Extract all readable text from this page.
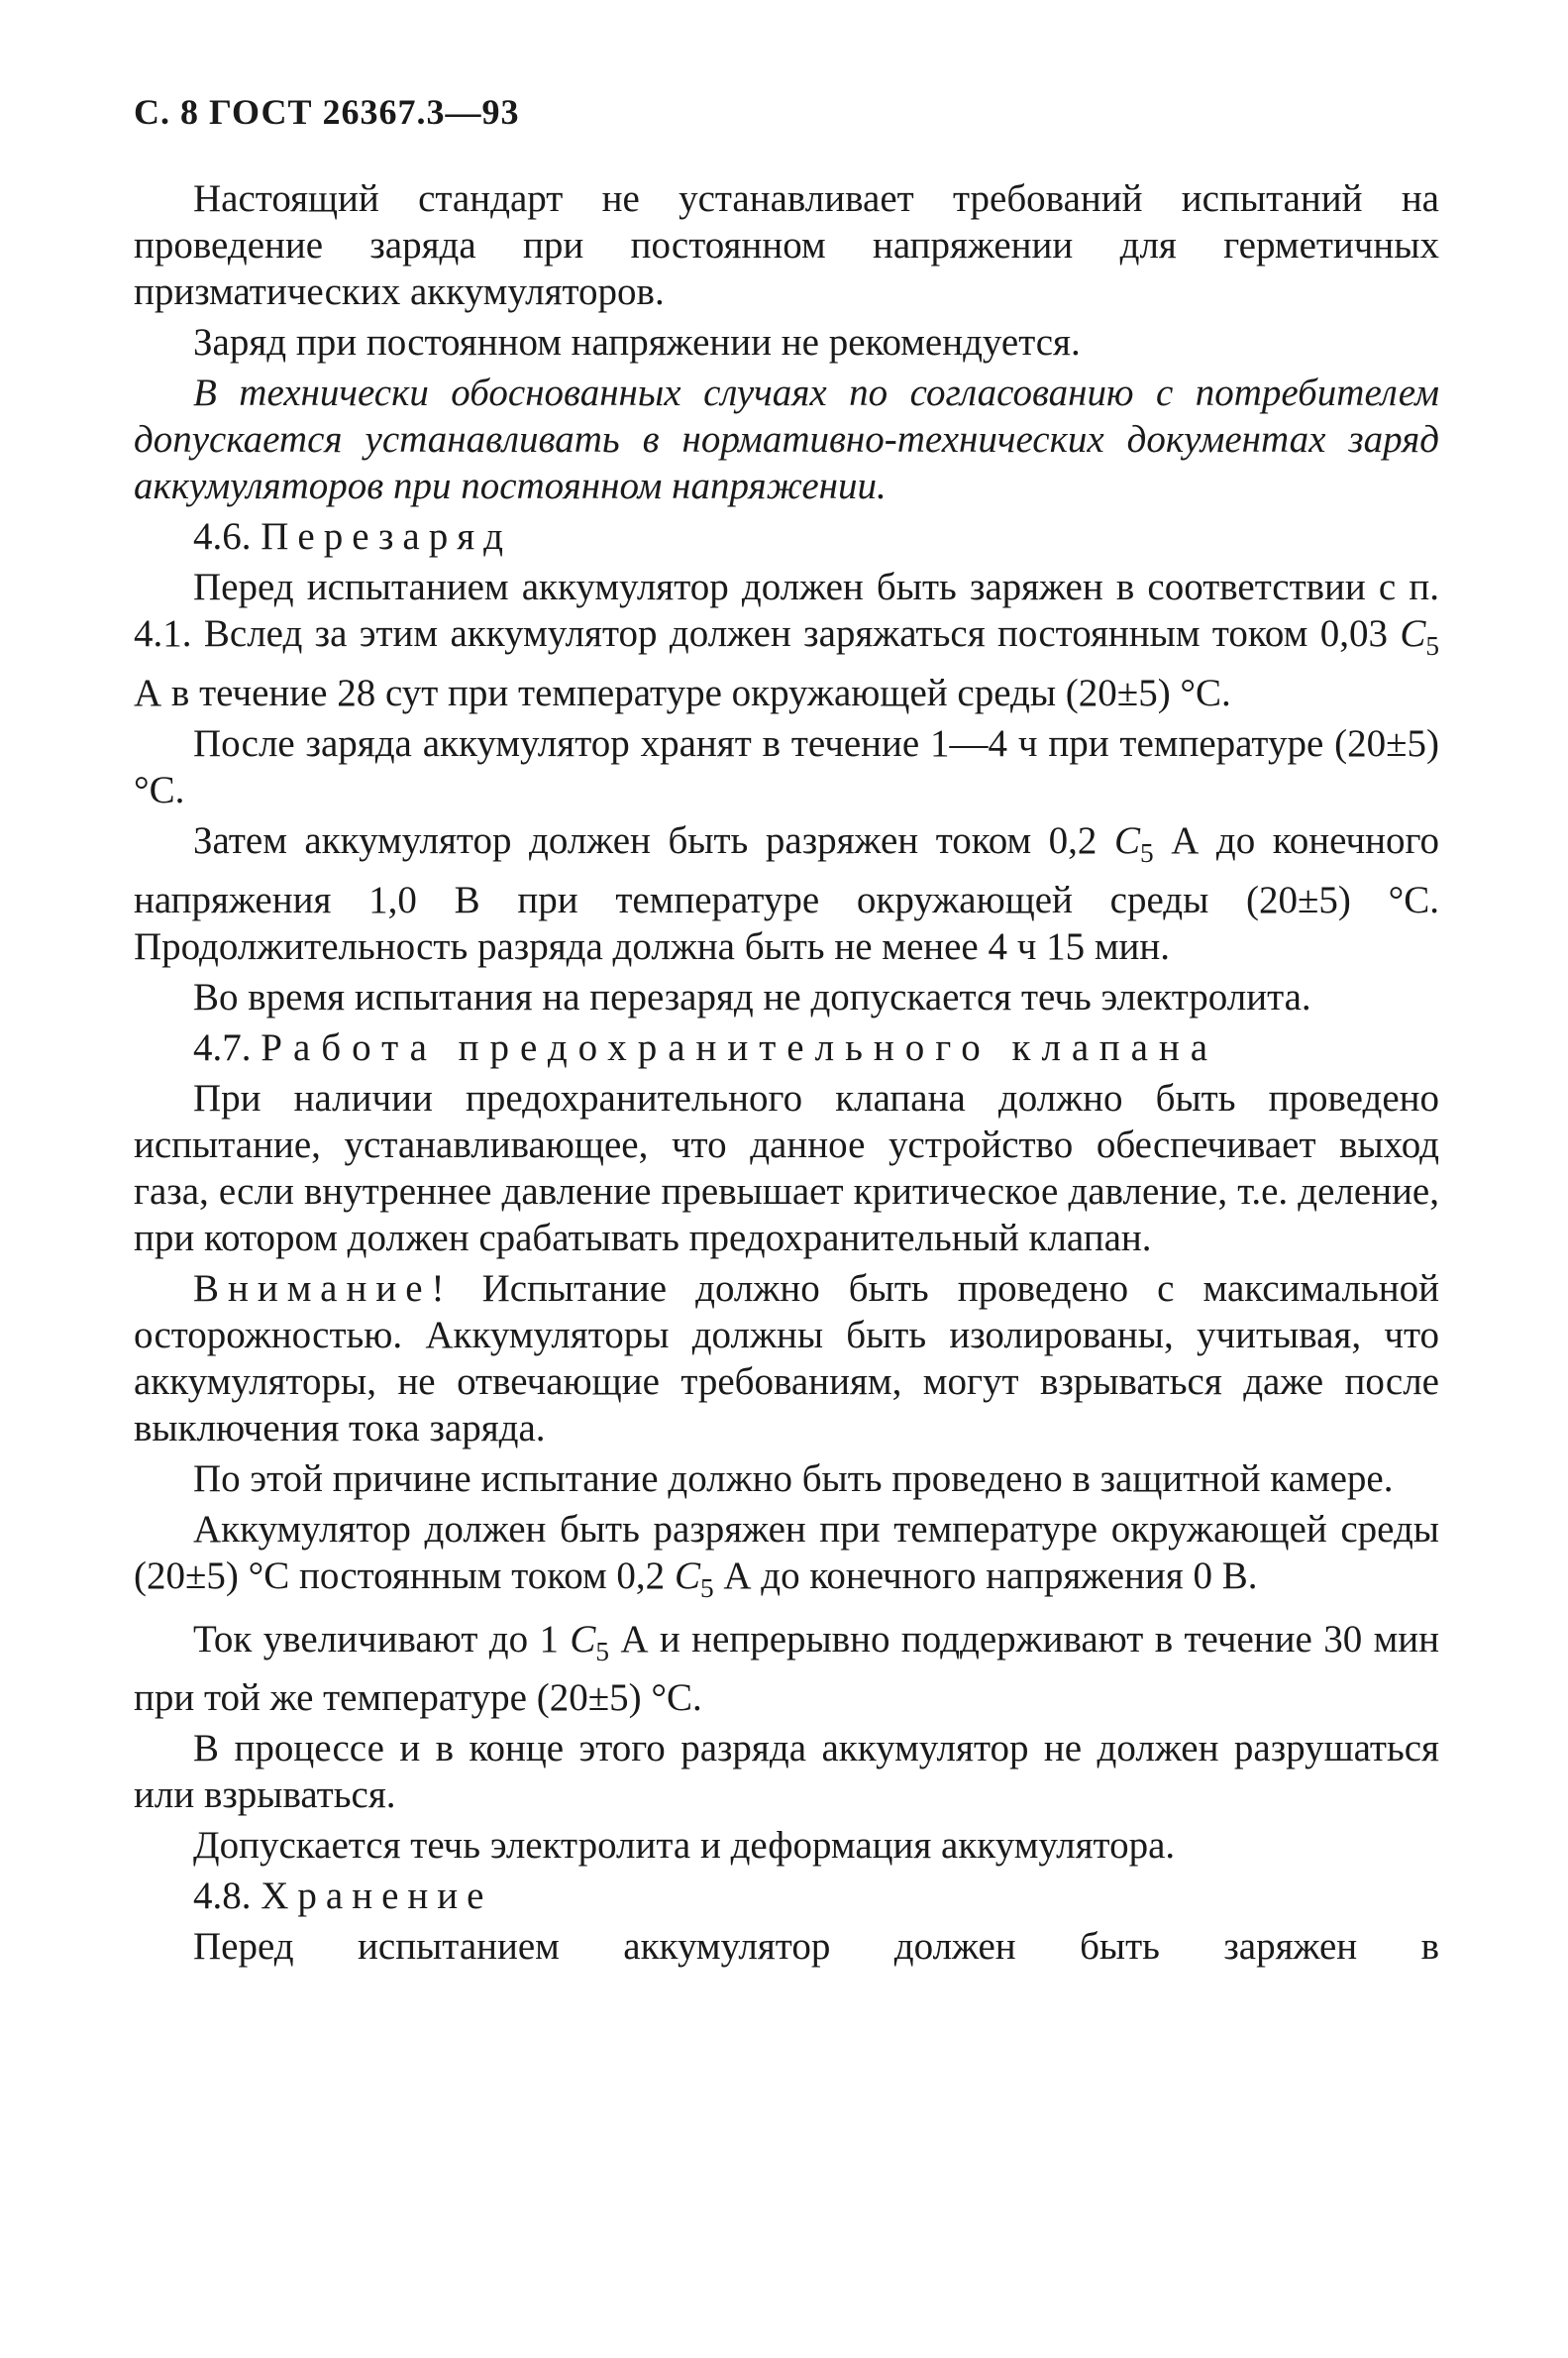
С. 8 ГОСТ 26367.3—93

Настоящий стандарт не устанавливает требований испытаний на проведение заряда при постоянном напряжении для герметичных призматических аккумуляторов.

Заряд при постоянном напряжении не рекомендуется.

В технически обоснованных случаях по согласованию с потребителем допускается устанавливать в нормативно-технических документах заряд аккумуляторов при постоянном напряжении.

4.6. Перезаряд

Перед испытанием аккумулятор должен быть заряжен в соответствии с п. 4.1. Вслед за этим аккумулятор должен заряжаться постоянным током 0,03 $C_5$ А в течение 28 сут при температуре окружающей среды (20±5) °С.

После заряда аккумулятор хранят в течение 1—4 ч при температуре (20±5) °С.

Затем аккумулятор должен быть разряжен током 0,2 $C_5$ А до конечного напряжения 1,0 В при температуре окружающей среды (20±5) °С. Продолжительность разряда должна быть не менее 4 ч 15 мин.

Во время испытания на перезаряд не допускается течь электролита.

4.7. Работа предохранительного клапана

При наличии предохранительного клапана должно быть проведено испытание, устанавливающее, что данное устройство обеспечивает выход газа, если внутреннее давление превышает критическое давление, т.е. деление, при котором должен срабатывать предохранительный клапан.

Внимание! Испытание должно быть проведено с максимальной осторожностью. Аккумуляторы должны быть изолированы, учитывая, что аккумуляторы, не отвечающие требованиям, могут взрываться даже после выключения тока заряда.

По этой причине испытание должно быть проведено в защитной камере.

Аккумулятор должен быть разряжен при температуре окружающей среды (20±5) °С постоянным током 0,2 $C_5$ А до конечного напряжения 0 В.

Ток увеличивают до 1 $C_5$ А и непрерывно поддерживают в течение 30 мин при той же температуре (20±5) °С.

В процессе и в конце этого разряда аккумулятор не должен разрушаться или взрываться.

Допускается течь электролита и деформация аккумулятора.

4.8. Хранение

Перед испытанием аккумулятор должен быть заряжен в
